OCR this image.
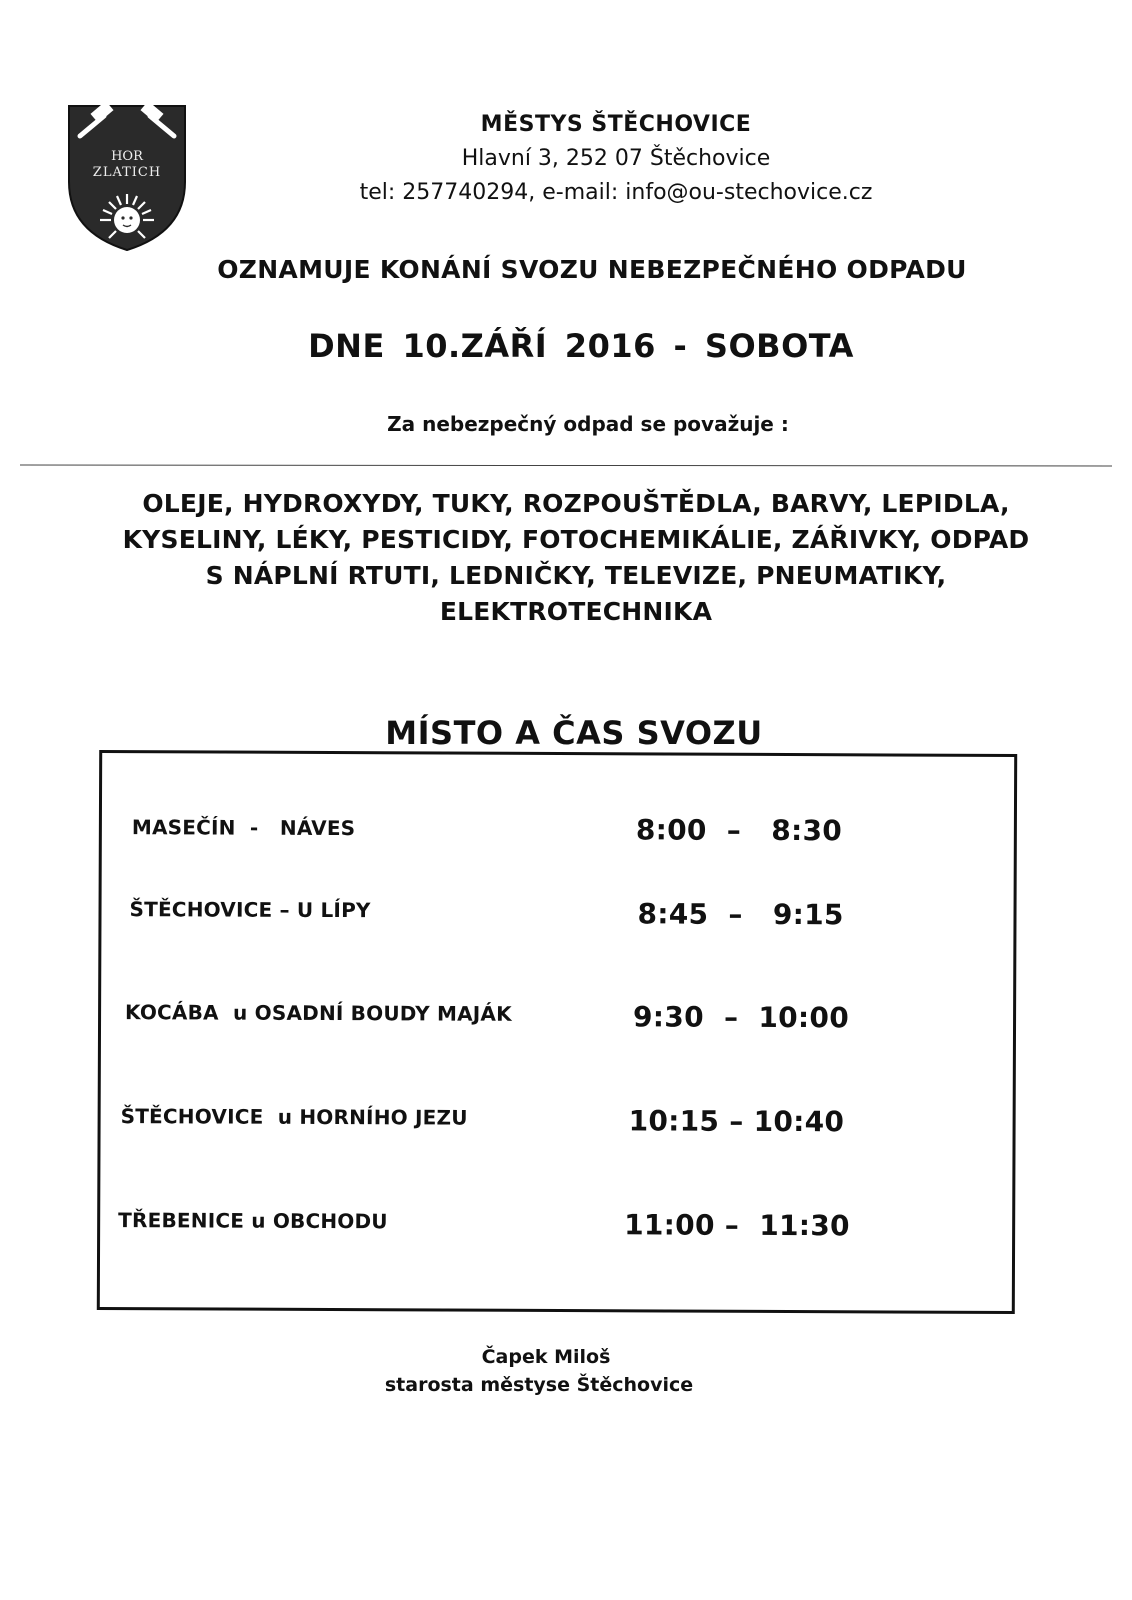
HOR
ZLATICH
MĚSTYS ŠTĚCHOVICE
Hlavní 3, 252 07 Štěchovice
tel: 257740294, e-mail: info@ou-stechovice.cz
OZNAMUJE KONÁNÍ SVOZU NEBEZPEČNÉHO ODPADU
DNE 10.ZÁŘÍ 2016 - SOBOTA
Za nebezpečný odpad se považuje :
OLEJE, HYDROXYDY, TUKY, ROZPOUŠTĚDLA, BARVY, LEPIDLA,
KYSELINY, LÉKY, PESTICIDY, FOTOCHEMIKÁLIE, ZÁŘIVKY, ODPAD
S NÁPLNÍ RTUTI, LEDNIČKY, TELEVIZE, PNEUMATIKY,
ELEKTROTECHNIKA
MÍSTO A ČAS SVOZU
MASEČÍN  -   NÁVES	8:00  –   8:30
ŠTĚCHOVICE – U LÍPY	8:45  –   9:15
KOCÁBA  u OSADNÍ BOUDY MAJÁK	9:30  –  10:00
ŠTĚCHOVICE  u HORNÍHO JEZU	10:15 – 10:40
TŘEBENICE u OBCHODU	11:00 –  11:30
Čapek Miloš
starosta městyse Štěchovice
